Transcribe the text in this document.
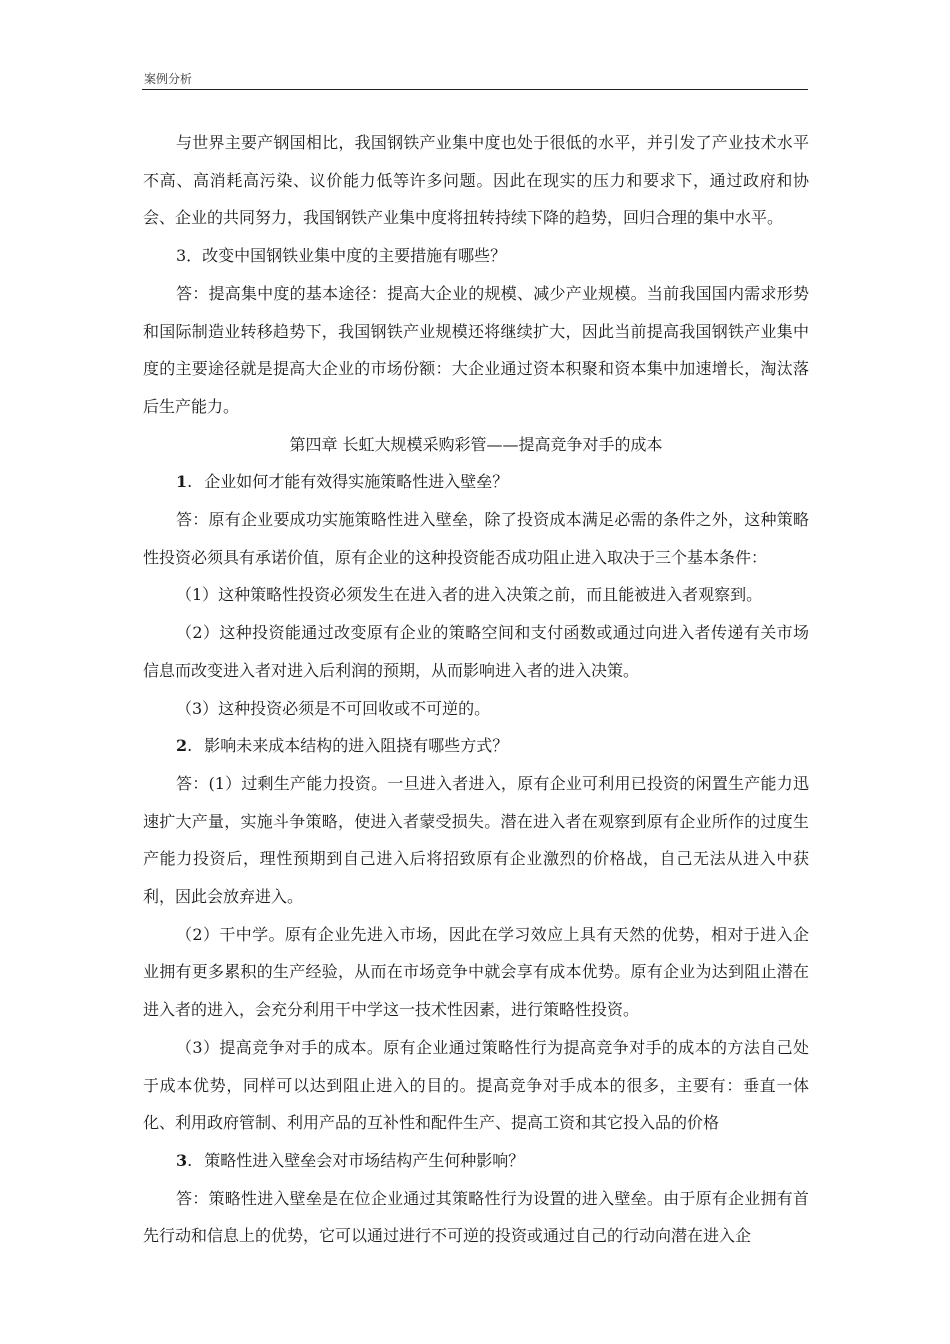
案例分析

与世界主要产钢国相比，我国钢铁产业集中度也处于很低的水平，并引发了产业技术水平不高、高消耗高污染、议价能力低等许多问题。因此在现实的压力和要求下，通过政府和协会、企业的共同努力，我国钢铁产业集中度将扭转持续下降的趋势，回归合理的集中水平。

3．改变中国钢铁业集中度的主要措施有哪些？

答：提高集中度的基本途径：提高大企业的规模、减少产业规模。当前我国国内需求形势和国际制造业转移趋势下，我国钢铁产业规模还将继续扩大，因此当前提高我国钢铁产业集中度的主要途径就是提高大企业的市场份额：大企业通过资本积聚和资本集中加速增长，淘汰落后生产能力。

第四章 长虹大规模采购彩管——提高竞争对手的成本

1. 企业如何才能有效得实施策略性进入壁垒？

答：原有企业要成功实施策略性进入壁垒，除了投资成本满足必需的条件之外，这种策略性投资必须具有承诺价值，原有企业的这种投资能否成功阻止进入取决于三个基本条件：

（1）这种策略性投资必须发生在进入者的进入决策之前，而且能被进入者观察到。

（2）这种投资能通过改变原有企业的策略空间和支付函数或通过向进入者传递有关市场信息而改变进入者对进入后利润的预期，从而影响进入者的进入决策。

（3）这种投资必须是不可回收或不可逆的。

2. 影响未来成本结构的进入阻挠有哪些方式？

答：(1）过剩生产能力投资。一旦进入者进入，原有企业可利用已投资的闲置生产能力迅速扩大产量，实施斗争策略，使进入者蒙受损失。潜在进入者在观察到原有企业所作的过度生产能力投资后，理性预期到自己进入后将招致原有企业激烈的价格战，自己无法从进入中获利，因此会放弃进入。

（2）干中学。原有企业先进入市场，因此在学习效应上具有天然的优势，相对于进入企业拥有更多累积的生产经验，从而在市场竞争中就会享有成本优势。原有企业为达到阻止潜在进入者的进入，会充分利用干中学这一技术性因素，进行策略性投资。

（3）提高竞争对手的成本。原有企业通过策略性行为提高竞争对手的成本的方法自己处于成本优势，同样可以达到阻止进入的目的。提高竞争对手成本的很多，主要有：垂直一体化、利用政府管制、利用产品的互补性和配件生产、提高工资和其它投入品的价格

3. 策略性进入壁垒会对市场结构产生何种影响？

答：策略性进入壁垒是在位企业通过其策略性行为设置的进入壁垒。由于原有企业拥有首先行动和信息上的优势，它可以通过进行不可逆的投资或通过自己的行动向潜在进入企
